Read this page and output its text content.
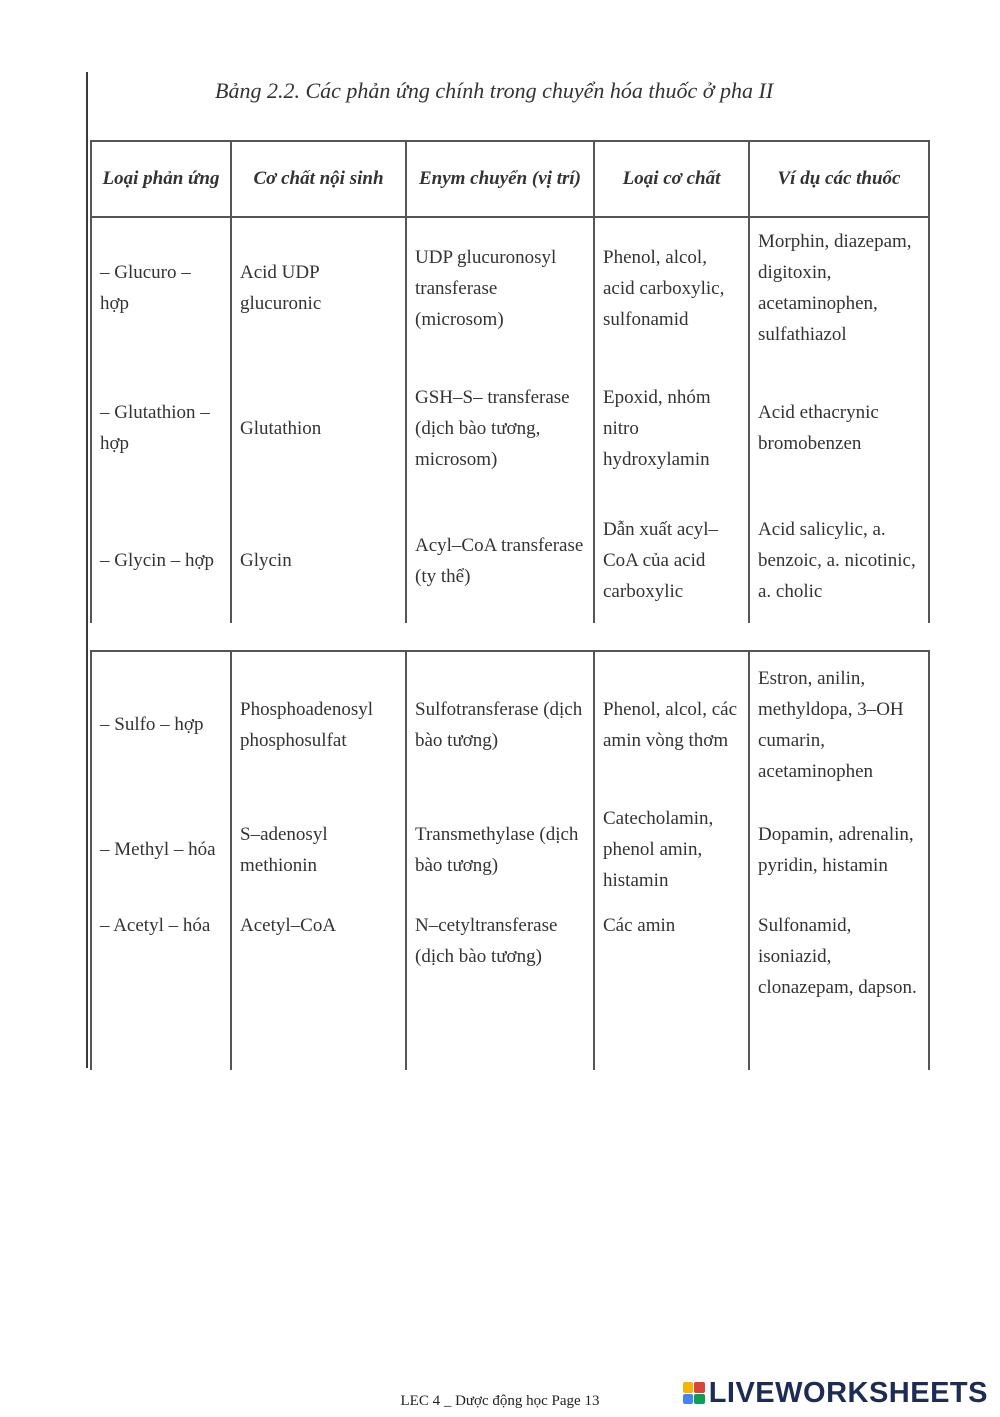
Bảng 2.2. Các phản ứng chính trong chuyển hóa thuốc ở pha II
Loại phản ứng	Cơ chất nội sinh	Enym chuyển (vị trí)	Loại cơ chất	Ví dụ các thuốc
– Glucuro – hợp	Acid UDP glucuronic	UDP glucuronosyl transferase (microsom)	Phenol, alcol, acid carboxylic, sulfonamid	Morphin, diazepam, digitoxin, acetaminophen, sulfathiazol
– Glutathion – hợp	Glutathion	GSH–S– transferase (dịch bào tương, microsom)	Epoxid, nhóm nitro hydroxylamin	Acid ethacrynic bromobenzen
– Glycin – hợp	Glycin	Acyl–CoA transferase (ty thể)	Dẫn xuất acyl–CoA của acid carboxylic	Acid salicylic, a. benzoic, a. nicotinic, a. cholic
– Sulfo – hợp	Phosphoadenosyl phosphosulfat	Sulfotransferase (dịch bào tương)	Phenol, alcol, các amin vòng thơm	Estron, anilin, methyldopa, 3–OH cumarin, acetaminophen
– Methyl – hóa	S–adenosyl methionin	Transmethylase (dịch bào tương)	Catecholamin, phenol amin, histamin	Dopamin, adrenalin, pyridin, histamin
– Acetyl – hóa	Acetyl–CoA	N–cetyltransferase (dịch bào tương)	Các amin	Sulfonamid, isoniazid, clonazepam, dapson.
LEC 4 _ Dược động học Page 13	LIVEWORKSHEETS
